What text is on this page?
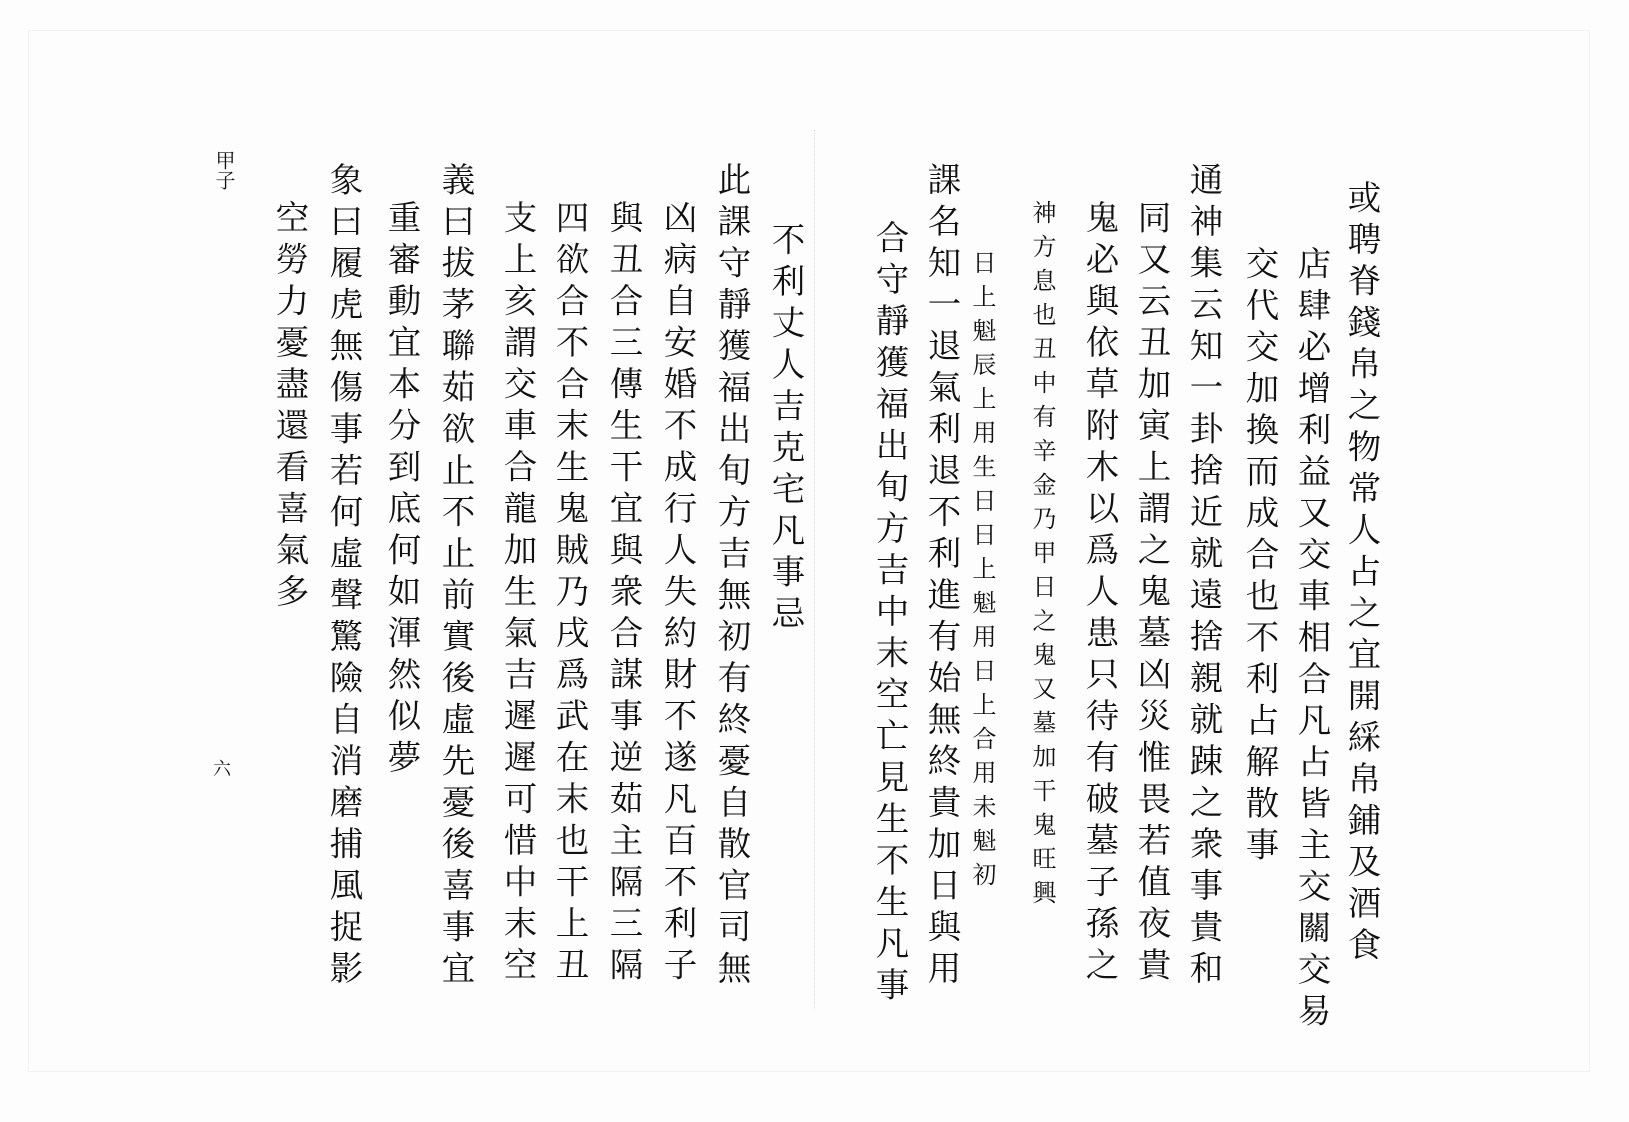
或聘脊錢帛之物常人占之宜開綵帛鋪及酒食
店肆必增利益又交車相合凡占皆主交關交易
交代交加換而成合也不利占解散事
通神集云知一卦捨近就遠捨親就踈之衆事貴和
同又云丑加寅上謂之鬼墓凶災惟畏若值夜貴
鬼必與依草附木以爲人患只待有破墓子孫之
神方息也丑中有辛金乃甲日之鬼又墓加干鬼旺興
日上魁辰上用生日日上魁用日上合用未魁初
課名知一退氣利退不利進有始無終貴加日與用
合守靜獲福出旬方吉中末空亡見生不生凡事
不利丈人吉克宅凡事忌
此課守靜獲福出旬方吉無初有終憂自散官司無
凶病自安婚不成行人失約財不遂凡百不利子
與丑合三傳生干宜與衆合謀事逆茹主隔三隔
四欲合不合末生鬼賊乃戌爲武在末也干上丑
支上亥謂交車合龍加生氣吉遲遲可惜中末空
義曰拔茅聯茹欲止不止前實後虛先憂後喜事宜
重審動宜本分到底何如渾然似夢
象曰履虎無傷事若何虛聲驚險自消磨捕風捉影
空勞力憂盡還看喜氣多
甲子
六
